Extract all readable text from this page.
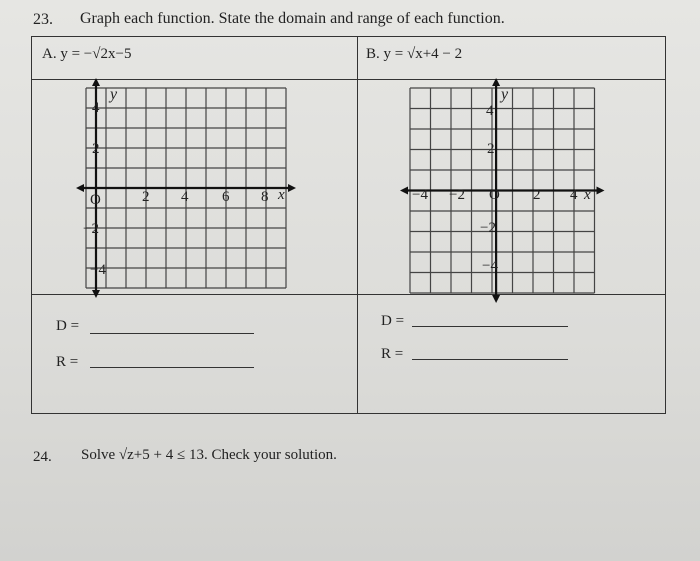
23. Graph each function. State the domain and range of each function.
A. y = −√2x−5	B. y = √x+4 − 2
y
4
2
−2
−4
O	2 4 6 8 x
y
4
2
−2
−4
−4 −2 O 2 4 x
D =
R =
D =
R =
24. Solve √z+5 + 4 ≤ 13. Check your solution.
